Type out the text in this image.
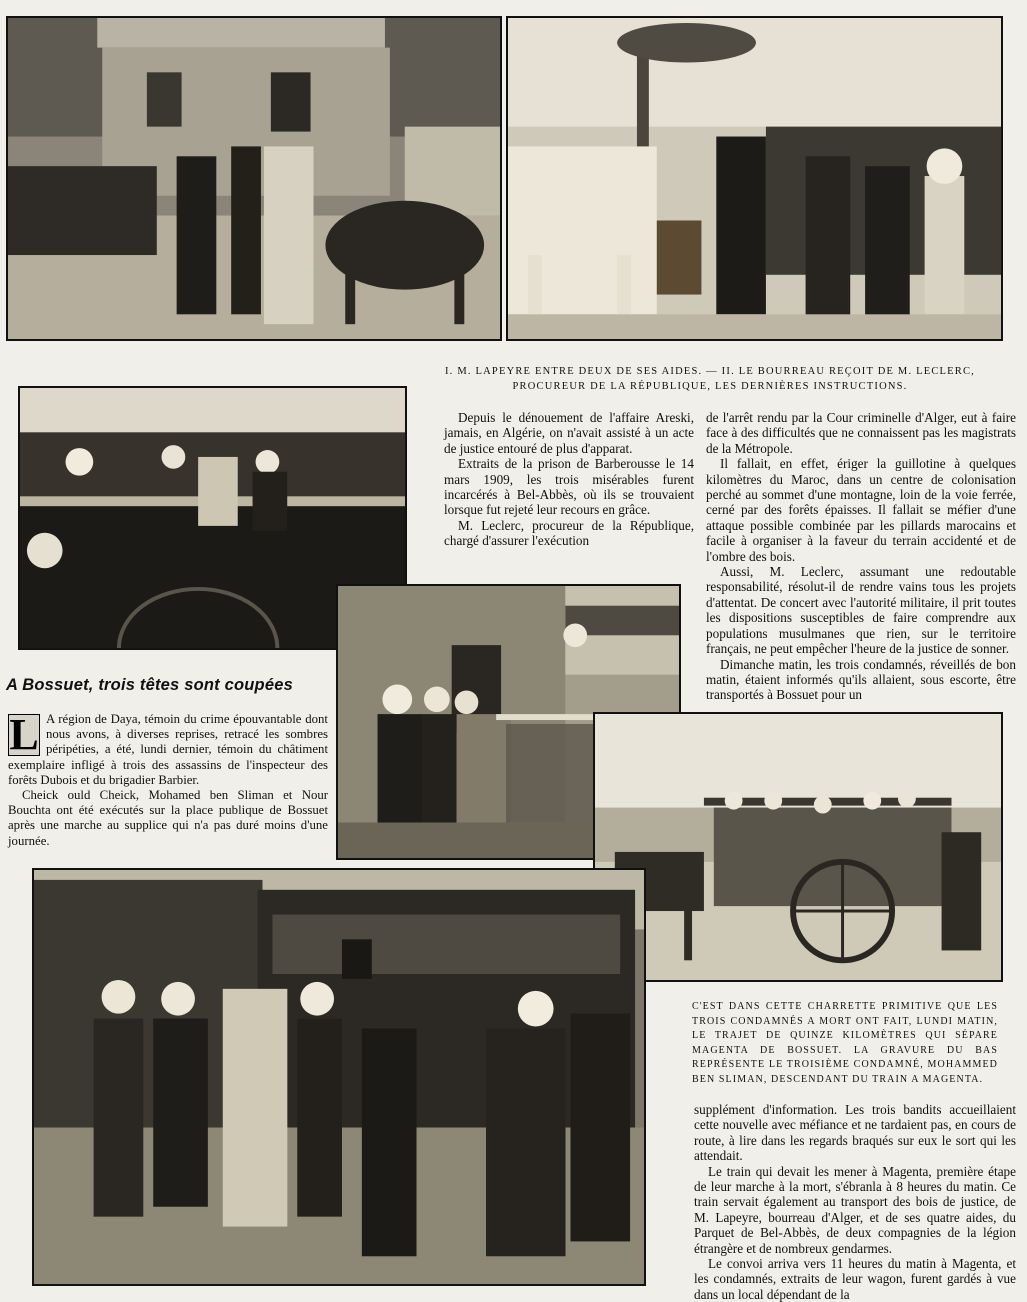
I. M. LAPEYRE ENTRE DEUX DE SES AIDES. — II. LE BOURREAU REÇOIT DE M. LECLERC,
PROCUREUR DE LA RÉPUBLIQUE, LES DERNIÈRES INSTRUCTIONS.
A Bossuet, trois têtes sont coupées

L A région de Daya, témoin du crime épouvantable dont nous avons, à diverses reprises, retracé les sombres péripéties, a été, lundi dernier, témoin du châtiment exemplaire infligé à trois des assassins de l'inspecteur des forêts Dubois et du brigadier Barbier.

Cheick ould Cheick, Mohamed ben Sliman et Nour Bouchta ont été exécutés sur la place publique de Bossuet après une marche au supplice qui n'a pas duré moins d'une journée.

Depuis le dénouement de l'affaire Areski, jamais, en Algérie, on n'avait assisté à un acte de justice entouré de plus d'apparat.

Extraits de la prison de Barberousse le 14 mars 1909, les trois misérables furent incarcérés à Bel-Abbès, où ils se trouvaient lorsque fut rejeté leur recours en grâce.

M. Leclerc, procureur de la République, chargé d'assurer l'exécution

de l'arrêt rendu par la Cour criminelle d'Alger, eut à faire face à des difficultés que ne connaissent pas les magistrats de la Métropole.

Il fallait, en effet, ériger la guillotine à quelques kilomètres du Maroc, dans un centre de colonisation perché au sommet d'une montagne, loin de la voie ferrée, cerné par des forêts épaisses. Il fallait se méfier d'une attaque possible combinée par les pillards marocains et facile à organiser à la faveur du terrain accidenté et de l'ombre des bois.

Aussi, M. Leclerc, assumant une redoutable responsabilité, résolut-il de rendre vains tous les projets d'attentat. De concert avec l'autorité militaire, il prit toutes les dispositions susceptibles de faire comprendre aux populations musulmanes que rien, sur le territoire français, ne peut empêcher l'heure de la justice de sonner.

Dimanche matin, les trois condamnés, réveillés de bon matin, étaient informés qu'ils allaient, sous escorte, être transportés à Bossuet pour un

C'EST DANS CETTE CHARRETTE PRIMITIVE QUE LES TROIS CONDAMNÉS A MORT ONT FAIT, LUNDI MATIN, LE TRAJET DE QUINZE KILOMÈTRES QUI SÉPARE MAGENTA DE BOSSUET. LA GRAVURE DU BAS REPRÉSENTE LE TROISIÈME CONDAMNÉ, MOHAMMED BEN SLIMAN, DESCENDANT DU TRAIN A MAGENTA.

supplément d'information. Les trois bandits accueillaient cette nouvelle avec méfiance et ne tardaient pas, en cours de route, à lire dans les regards braqués sur eux le sort qui les attendait.

Le train qui devait les mener à Magenta, première étape de leur marche à la mort, s'ébranla à 8 heures du matin. Ce train servait également au transport des bois de justice, de M. Lapeyre, bourreau d'Alger, et de ses quatre aides, du Parquet de Bel-Abbès, de deux compagnies de la légion étrangère et de nombreux gendarmes.

Le convoi arriva vers 11 heures du matin à Magenta, et les condamnés, extraits de leur wagon, furent gardés à vue dans un local dépendant de la
